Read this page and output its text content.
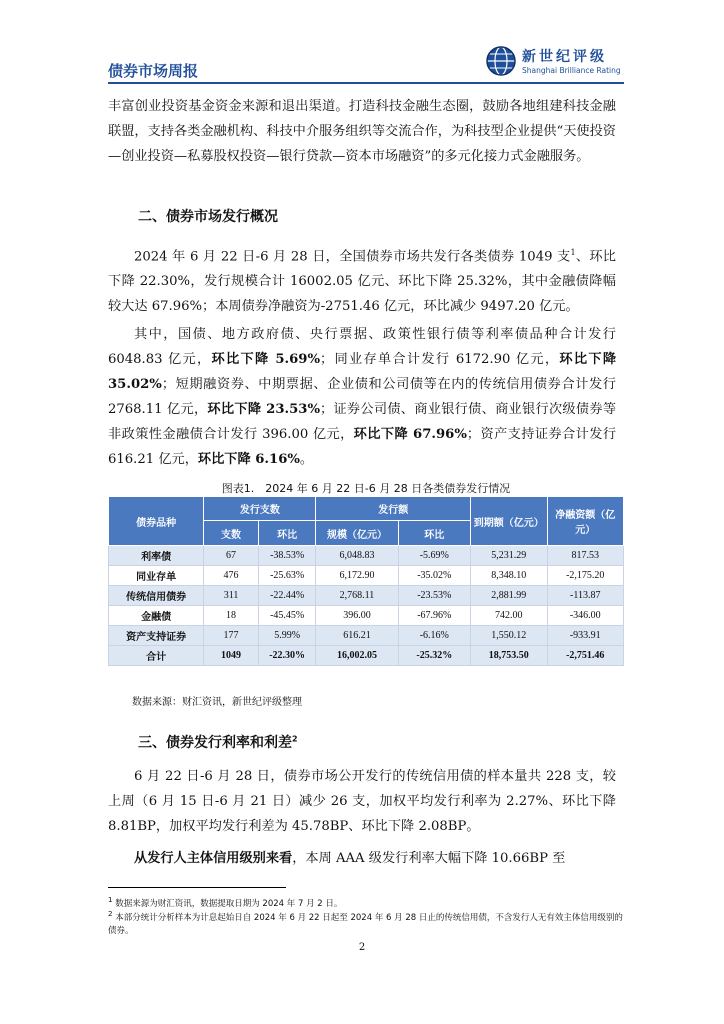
债券市场周报
新世纪评级
Shanghai Brilliance Rating

丰富创业投资基金资金来源和退出渠道。打造科技金融生态圈，鼓励各地组建科技金融联盟，支持各类金融机构、科技中介服务组织等交流合作，为科技型企业提供“天使投资—创业投资—私募股权投资—银行贷款—资本市场融资”的多元化接力式金融服务。

二、债券市场发行概况

2024 年 6 月 22 日-6 月 28 日，全国债券市场共发行各类债券 1049 支$^1$、环比下降 22.30%，发行规模合计 16002.05 亿元、环比下降 25.32%，其中金融债降幅较大达 67.96%；本周债券净融资为-2751.46 亿元，环比减少 9497.20 亿元。

其中，国债、地方政府债、央行票据、政策性银行债等利率债品种合计发行 6048.83 亿元，环比下降 5.69%；同业存单合计发行 6172.90 亿元，环比下降 35.02%；短期融资券、中期票据、企业债和公司债等在内的传统信用债券合计发行 2768.11 亿元，环比下降 23.53%；证券公司债、商业银行债、商业银行次级债券等非政策性金融债合计发行 396.00 亿元，环比下降 67.96%；资产支持证券合计发行 616.21 亿元，环比下降 6.16%。

图表1.　2024 年 6 月 22 日-6 月 28 日各类债券发行情况
债券品种	发行支数		发行额		到期额（亿元）	净融资额（亿元）
	支数	环比	规模（亿元）	环比		
利率债	67	-38.53%	6,048.83	-5.69%	5,231.29	817.53
同业存单	476	-25.63%	6,172.90	-35.02%	8,348.10	-2,175.20
传统信用债券	311	-22.44%	2,768.11	-23.53%	2,881.99	-113.87
金融债	18	-45.45%	396.00	-67.96%	742.00	-346.00
资产支持证券	177	5.99%	616.21	-6.16%	1,550.12	-933.91
合计	1049	-22.30%	16,002.05	-25.32%	18,753.50	-2,751.46
数据来源：财汇资讯，新世纪评级整理
三、债券发行利率和利差$^2$

6 月 22 日-6 月 28 日，债券市场公开发行的传统信用债的样本量共 228 支，较上周（6 月 15 日-6 月 21 日）减少 26 支，加权平均发行利率为 2.27%、环比下降 8.81BP，加权平均发行利差为 45.78BP、环比下降 2.08BP。

从发行人主体信用级别来看，本周 AAA 级发行利率大幅下降 10.66BP 至

$^1$ 数据来源为财汇资讯，数据提取日期为 2024 年 7 月 2 日。

$^2$ 本部分统计分析样本为计息起始日自 2024 年 6 月 22 日起至 2024 年 6 月 28 日止的传统信用债，不含发行人无有效主体信用级别的债券。

2
